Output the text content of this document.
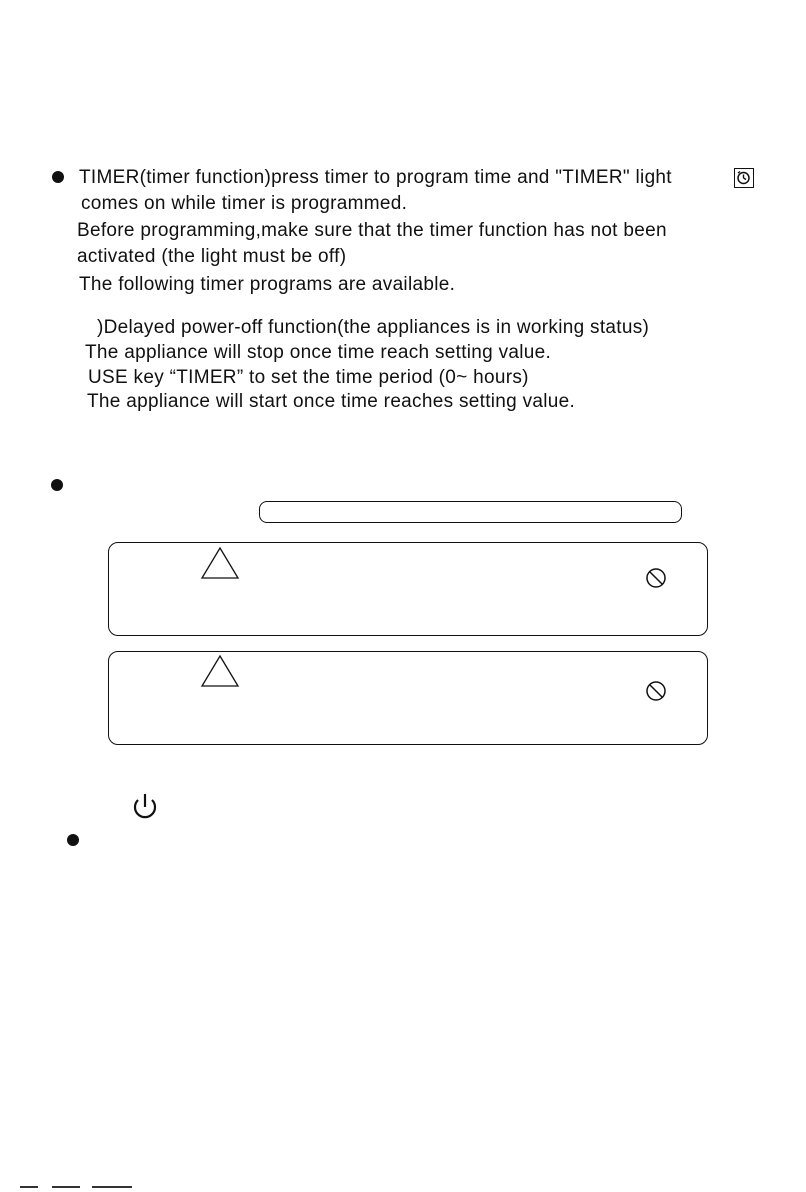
TIMER(timer function)press timer to program time and "TIMER" light
comes on while timer is programmed.
Before programming,make sure that the timer function has not been
activated (the light must be off)
The following timer programs are available.
)Delayed power-off function(the appliances is in working status)
The appliance will stop once time reach setting value.
USE key “TIMER” to set the time period (0~ hours)
The appliance will start once time reaches setting value.
